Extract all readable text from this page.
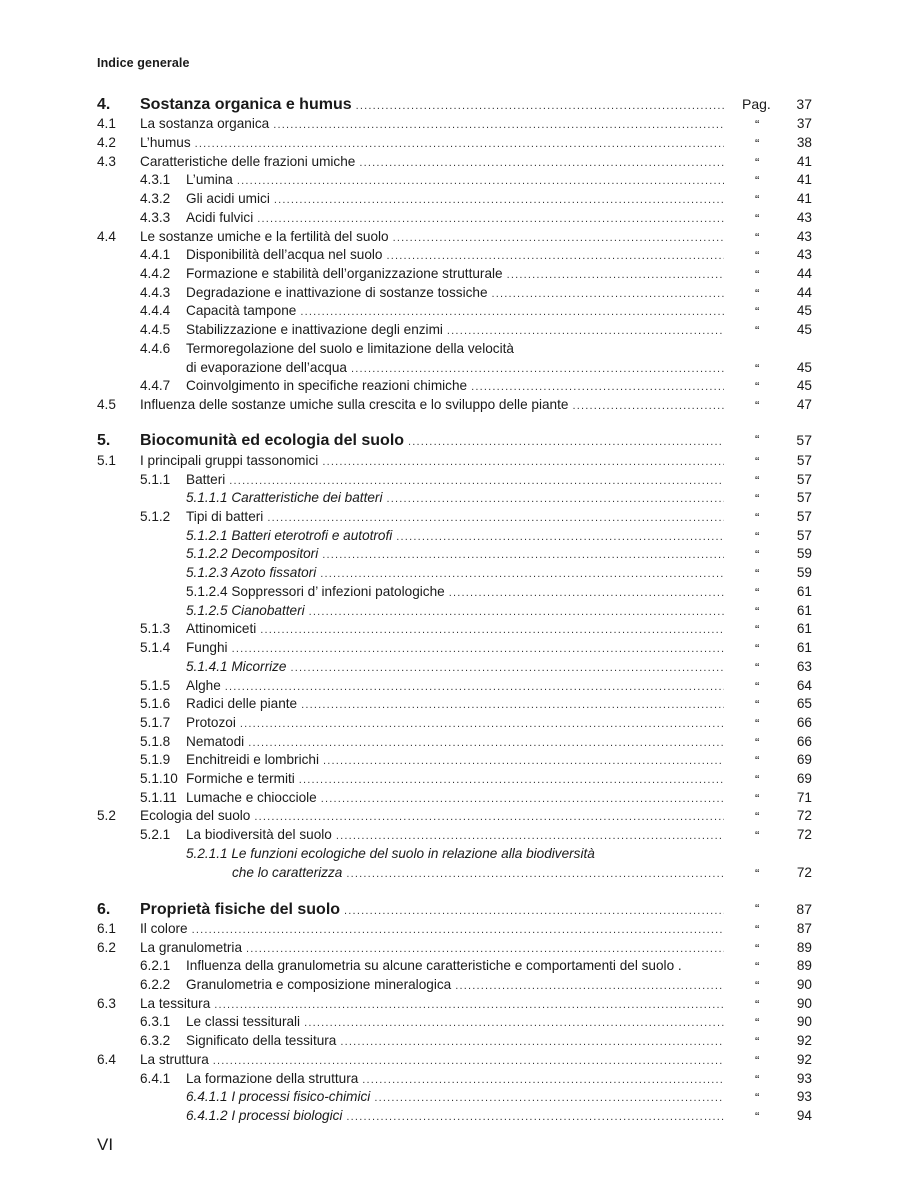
Indice generale
4. Sostanza organica e humus .....	Pag. 37
4.1 La sostanza organica .....	“	37
4.2 L’humus .....	“	38
4.3 Caratteristiche delle frazioni umiche .....	“	41
4.3.1 L’umina .....	“	41
4.3.2 Gli acidi umici .....	“	41
4.3.3 Acidi fulvici .....	“	43
4.4 Le sostanze umiche e la fertilità del suolo .....	“	43
4.4.1 Disponibilità dell’acqua nel suolo .....	“	43
4.4.2 Formazione e stabilità dell’organizzazione strutturale .....	“	44
4.4.3 Degradazione e inattivazione di sostanze tossiche .....	“	44
4.4.4 Capacità tampone .....	“	45
4.4.5 Stabilizzazione e inattivazione degli enzimi .....	“	45
4.4.6 Termoregolazione del suolo e limitazione della velocità
di evaporazione dell’acqua .....	“	45
4.4.7 Coinvolgimento in specifiche reazioni chimiche .....	“	45
4.5 Influenza delle sostanze umiche sulla crescita e lo sviluppo delle piante .....	“	47
5. Biocomunità ed ecologia del suolo .....	“	57
5.1 I principali gruppi tassonomici .....	“	57
5.1.1 Batteri .....	“	57
5.1.1.1 Caratteristiche dei batteri .....	“	57
5.1.2 Tipi di batteri .....	“	57
5.1.2.1 Batteri eterotrofi e autotrofi .....	“	57
5.1.2.2 Decompositori .....	“	59
5.1.2.3 Azoto fissatori .....	“	59
5.1.2.4 Soppressori d’ infezioni patologiche .....	“	61
5.1.2.5 Cianobatteri .....	“	61
5.1.3 Attinomiceti .....	“	61
5.1.4 Funghi .....	“	61
5.1.4.1 Micorrize .....	“	63
5.1.5 Alghe .....	“	64
5.1.6 Radici delle piante .....	“	65
5.1.7 Protozoi .....	“	66
5.1.8 Nematodi .....	“	66
5.1.9 Enchitreidi e lombrichi .....	“	69
5.1.10 Formiche e termiti .....	“	69
5.1.11 Lumache e chiocciole .....	“	71
5.2 Ecologia del suolo .....	“	72
5.2.1 La biodiversità del suolo .....	“	72
5.2.1.1 Le funzioni ecologiche del suolo in relazione alla biodiversità
che lo caratterizza .....	“	72
6. Proprietà fisiche del suolo .....	“	87
6.1 Il colore .....	“	87
6.2 La granulometria .....	“	89
6.2.1 Influenza della granulometria su alcune caratteristiche e comportamenti del suolo .	“	89
6.2.2 Granulometria e composizione mineralogica .....	“	90
6.3 La tessitura .....	“	90
6.3.1 Le classi tessiturali .....	“	90
6.3.2 Significato della tessitura .....	“	92
6.4 La struttura .....	“	92
6.4.1 La formazione della struttura .....	“	93
6.4.1.1 I processi fisico-chimici .....	“	93
6.4.1.2 I processi biologici .....	“	94
VI
